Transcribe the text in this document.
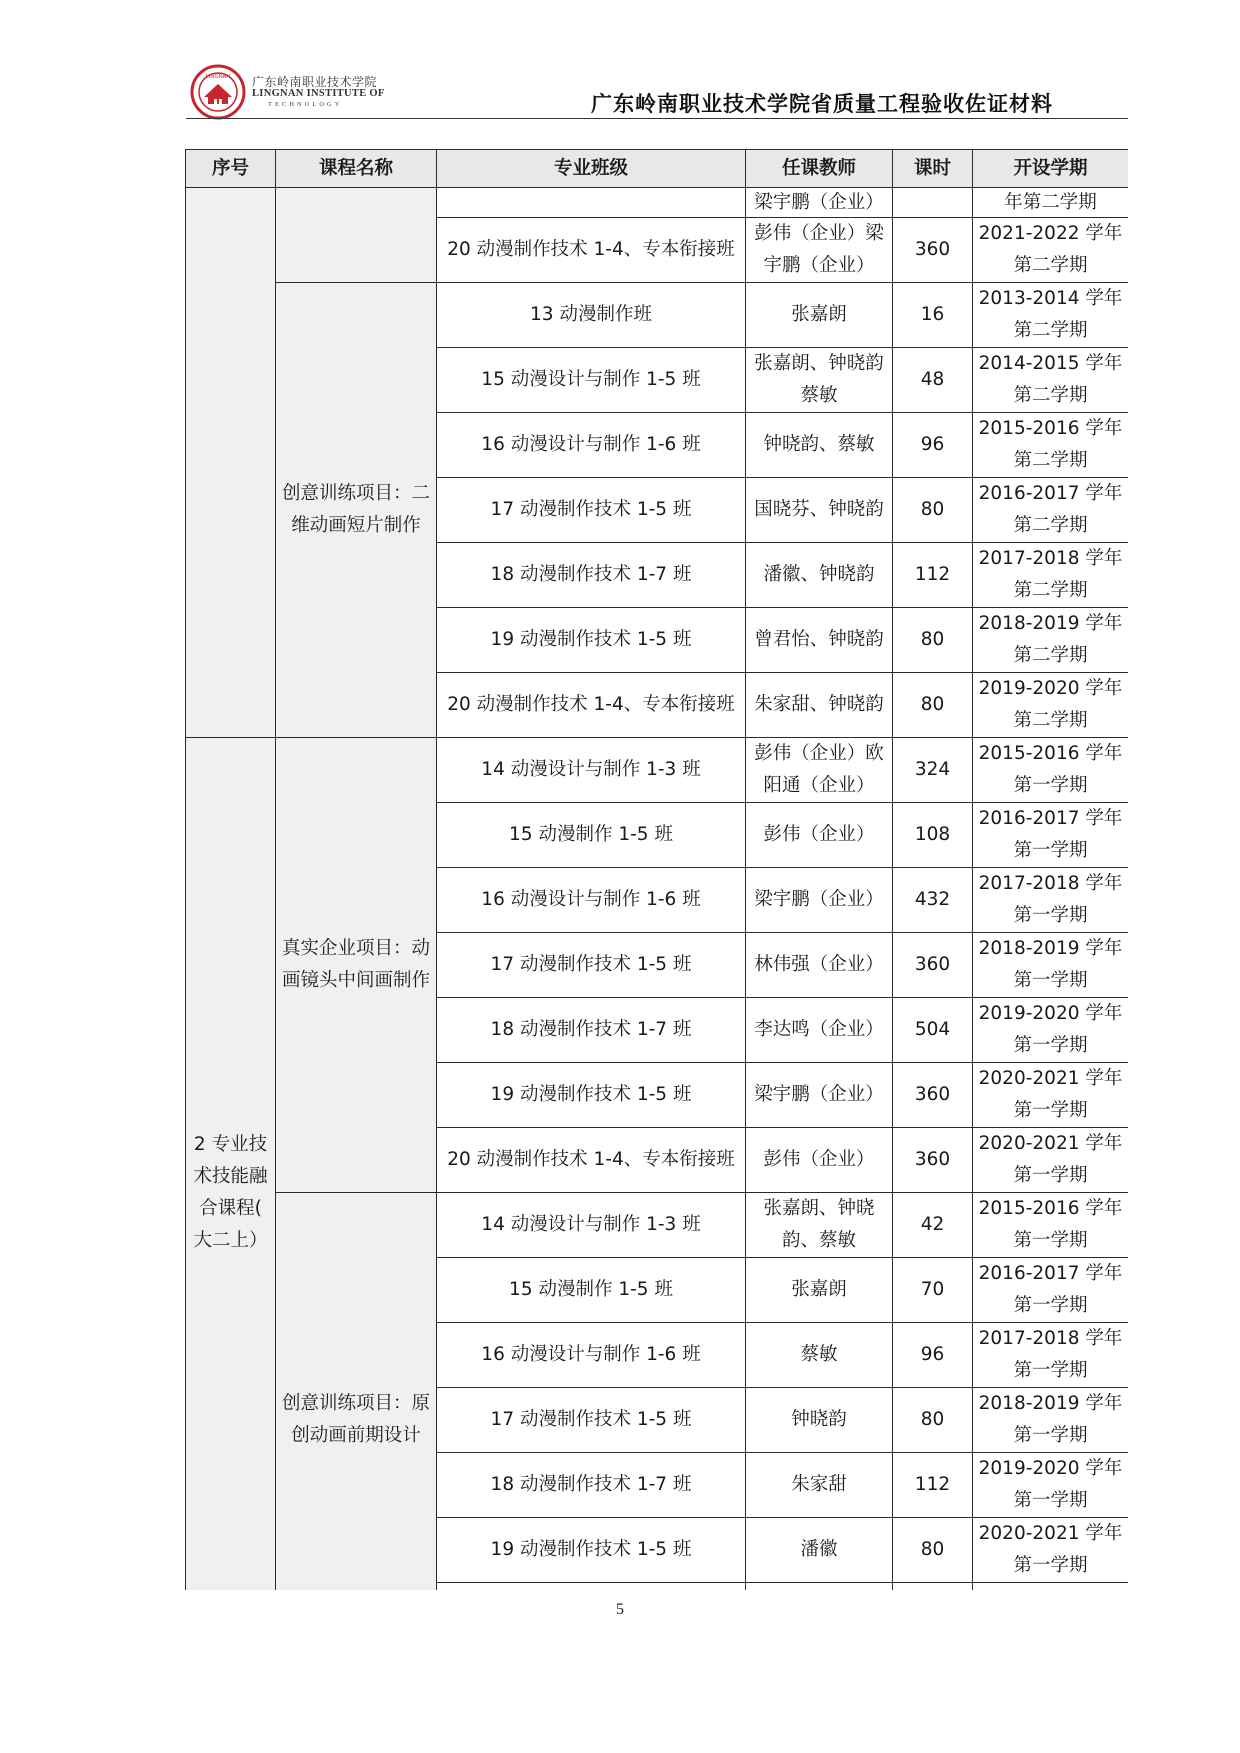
LINGNAN 广东岭南职业技术学院
LINGNAN INSTITUTE OF
TECHNOLOGY	广东岭南职业技术学院省质量工程验收佐证材料
序号	课程名称	专业班级	任课教师	课时	开设学期
			梁宇鹏（企业）		年第二学期
		20 动漫制作技术 1-4、专本衔接班	彭伟（企业）梁宇鹏（企业）	360	2021-2022 学年第二学期
	创意训练项目：二维动画短片制作	13 动漫制作班	张嘉朗	16	2013-2014 学年第二学期
		15 动漫设计与制作 1-5 班	张嘉朗、钟晓韵蔡敏	48	2014-2015 学年第二学期
		16 动漫设计与制作 1-6 班	钟晓韵、蔡敏	96	2015-2016 学年第二学期
		17 动漫制作技术 1-5 班	国晓芬、钟晓韵	80	2016-2017 学年第二学期
		18 动漫制作技术 1-7 班	潘徽、钟晓韵	112	2017-2018 学年第二学期
		19 动漫制作技术 1-5 班	曾君怡、钟晓韵	80	2018-2019 学年第二学期
		20 动漫制作技术 1-4、专本衔接班	朱家甜、钟晓韵	80	2019-2020 学年第二学期
2 专业技术技能融合课程( 大二上）	真实企业项目：动画镜头中间画制作	14 动漫设计与制作 1-3 班	彭伟（企业）欧阳通（企业）	324	2015-2016 学年第一学期
		15 动漫制作 1-5 班	彭伟（企业）	108	2016-2017 学年第一学期
		16 动漫设计与制作 1-6 班	梁宇鹏（企业）	432	2017-2018 学年第一学期
		17 动漫制作技术 1-5 班	林伟强（企业）	360	2018-2019 学年第一学期
		18 动漫制作技术 1-7 班	李达鸣（企业）	504	2019-2020 学年第一学期
		19 动漫制作技术 1-5 班	梁宇鹏（企业）	360	2020-2021 学年第一学期
		20 动漫制作技术 1-4、专本衔接班	彭伟（企业）	360	2020-2021 学年第一学期
	创意训练项目：原创动画前期设计	14 动漫设计与制作 1-3 班	张嘉朗、钟晓韵、蔡敏	42	2015-2016 学年第一学期
		15 动漫制作 1-5 班	张嘉朗	70	2016-2017 学年第一学期
		16 动漫设计与制作 1-6 班	蔡敏	96	2017-2018 学年第一学期
		17 动漫制作技术 1-5 班	钟晓韵	80	2018-2019 学年第一学期
		18 动漫制作技术 1-7 班	朱家甜	112	2019-2020 学年第一学期
		19 动漫制作技术 1-5 班	潘徽	80	2020-2021 学年第一学期

5
